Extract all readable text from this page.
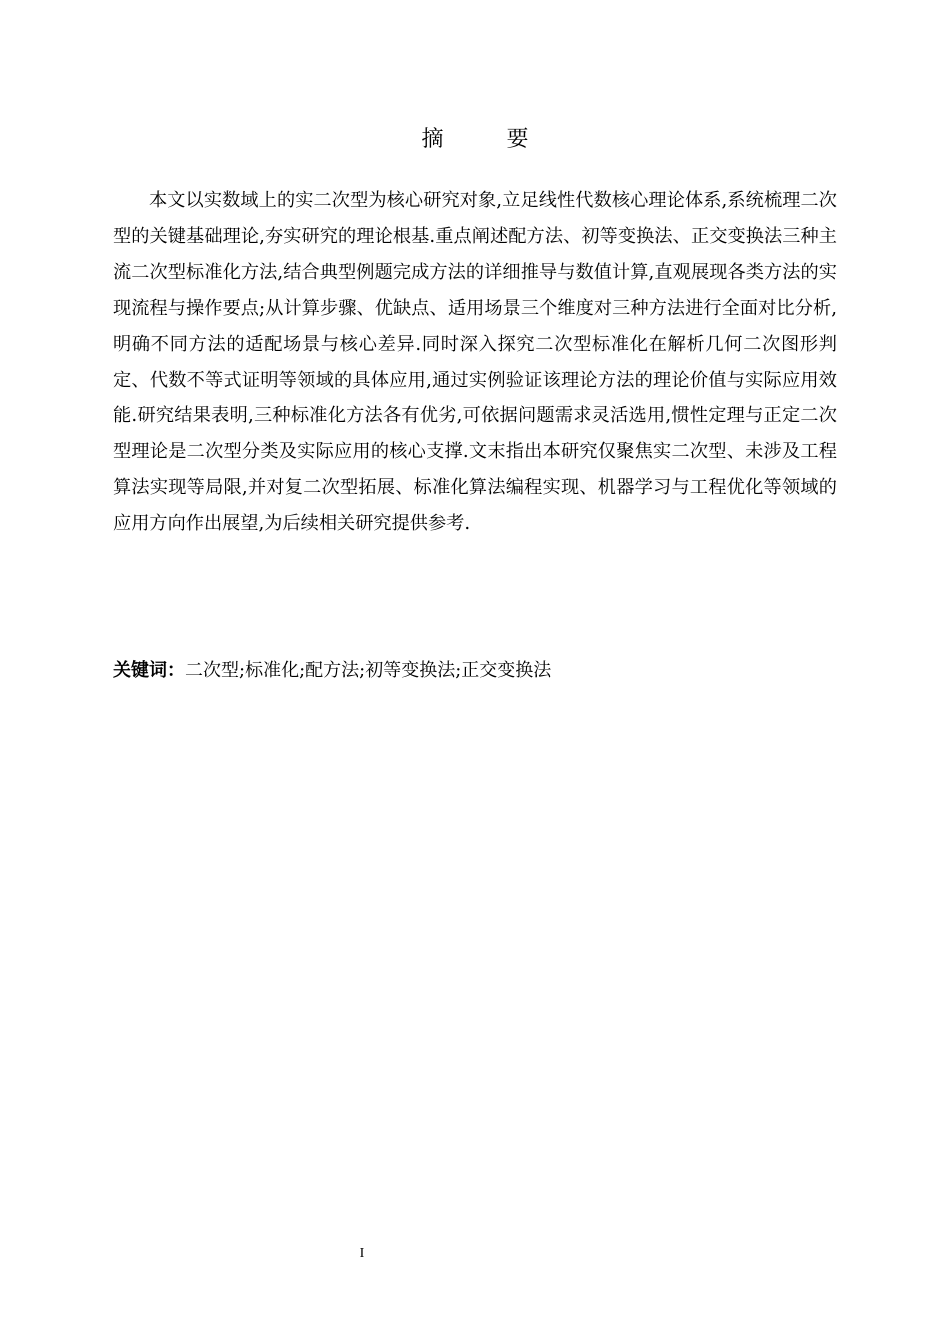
摘 要

本文以实数域上的实二次型为核心研究对象,立足线性代数核心理论体系,系统梳理二次型的关键基础理论,夯实研究的理论根基.重点阐述配方法、初等变换法、正交变换法三种主流二次型标准化方法,结合典型例题完成方法的详细推导与数值计算,直观展现各类方法的实现流程与操作要点;从计算步骤、优缺点、适用场景三个维度对三种方法进行全面对比分析,明确不同方法的适配场景与核心差异.同时深入探究二次型标准化在解析几何二次图形判定、代数不等式证明等领域的具体应用,通过实例验证该理论方法的理论价值与实际应用效能.研究结果表明,三种标准化方法各有优劣,可依据问题需求灵活选用,惯性定理与正定二次型理论是二次型分类及实际应用的核心支撑.文末指出本研究仅聚焦实二次型、未涉及工程算法实现等局限,并对复二次型拓展、标准化算法编程实现、机器学习与工程优化等领域的应用方向作出展望,为后续相关研究提供参考.

关键词：二次型;标准化;配方法;初等变换法;正交变换法
I
